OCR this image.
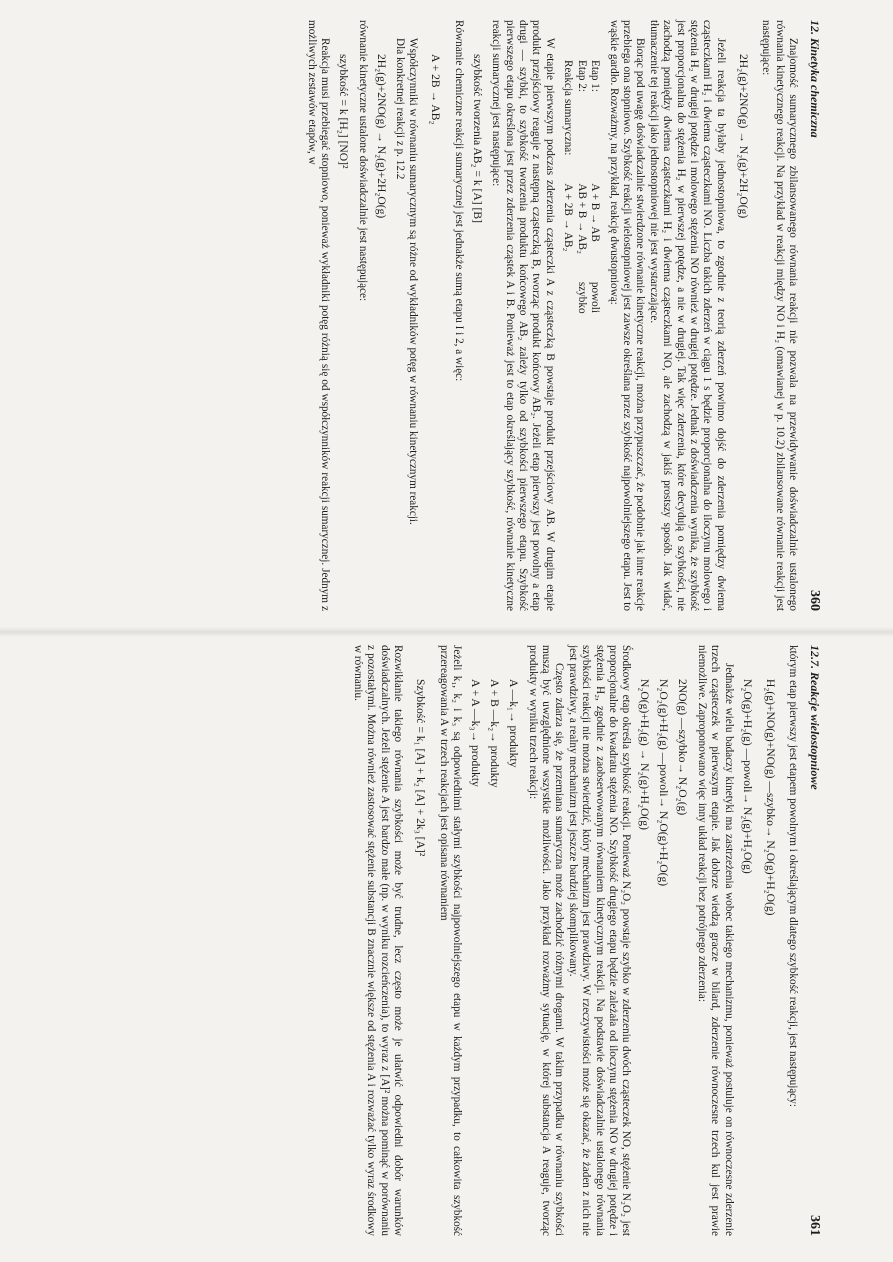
12. Kinetyka chemiczna
360

Znajomość sumarycznego zbilansowanego równania reakcji nie pozwala na przewidywanie doświadczalnie ustalonego równania kinetycznego reakcji. Na przykład w reakcji między NO i H₂ (omawianej w p. 10.2) zbilansowane równanie reakcji jest następujące:

2H₂(g)+2NO(g) → N₂(g)+2H₂O(g)

Jeżeli reakcja ta byłaby jednostopniowa, to zgodnie z teorią zderzeń powinno dojść do zderzenia pomiędzy dwiema cząsteczkami H₂ i dwiema cząsteczkami NO. Liczba takich zderzeń w ciągu 1 s będzie proporcjonalna do iloczynu molowego i stężenia H₂ w drugiej potędze i molowego stężenia NO również w drugiej potędze. Jednak z doświadczenia wynika, że szybkość jest proporcjonalna do stężenia H₂ w pierwszej potędze, a nie w drugiej. Tak więc zderzenia, które decydują o szybkości, nie zachodzą pomiędzy dwiema cząsteczkami H₂ i dwiema cząsteczkami NO, ale zachodzą w jakiś prostszy sposób. Jak widać, tłumaczenie tej reakcji jako jednostopniowej nie jest wystarczające.

Biorąc pod uwagę doświadczalnie stwierdzone równanie kinetyczne reakcji, można przypuszczać, że podobnie jak inne reakcje przebiega ona stopniowo. Szybkość reakcji wielostopniowej jest zawsze określana przez szybkość najpowolniejszego etapu. Jest to wąskie gardło. Rozważmy, na przykład, reakcję dwustopniową:

Etap 1:
A + B → AB
powoli
Etap 2:
AB + B → AB₂
szybko
Reakcja sumaryczna:
A + 2B → AB₂

W etapie pierwszym podczas zderzenia cząsteczki A z cząsteczką B powstaje produkt przejściowy AB. W drugim etapie produkt przejściowy reaguje z następną cząsteczką B, tworząc produkt końcowy AB₂. Jeżeli etap pierwszy jest powolny a etap drugi — szybki, to szybkość tworzenia produktu końcowego AB₂ zależy tylko od szybkości pierwszego etapu. Szybkość pierwszego etapu określona jest przez zderzenia cząstek A i B. Ponieważ jest to etap określający szybkość, równanie kinetyczne reakcji sumarycznej jest następujące:

szybkość tworzenia AB₂ = k [A] [B]

Równanie chemiczne reakcji sumarycznej jest jednakże sumą etapu I i 2, a więc:

A + 2B → AB₂

Współczynniki w równaniu sumarycznym są różne od wykładników potęg w równaniu kinetycznym reakcji.

Dla konkretnej reakcji z p. 12.2

2H₂(g)+2NO(g) → N₂(g)+2H₂O(g)

równanie kinetyczne ustalone doświadczalnie jest następujące:

szybkość = k [H₂] [NO]²

Reakcja musi przebiegać stopniowo, ponieważ wykładniki potęg różnią się od współczynników reakcji sumarycznej. Jednym z możliwych zestawów etapów, w

12.7. Reakcje wielostopniowe
361

którym etap pierwszy jest etapem powolnym i określającym dlatego szybkość reakcji, jest następujący:

H₂(g)+NO(g)+NO(g) —szybko→ N₂O(g)+H₂O(g)
N₂O(g)+H₂(g) —powoli→ N₂(g)+H₂O(g)

Jednakże wielu badaczy kinetyki ma zastrzeżenia wobec takiego mechanizmu, ponieważ postuluje on równoczesne zderzenie trzech cząsteczek w pierwszym etapie. Jak dobrze wiedzą gracze w bilard, zderzenie równoczesne trzech kul jest prawie niemożliwe. Zaproponowano więc inny układ reakcji bez potrójnego zderzenia:

2NO(g) —szybko→ N₂O₂(g)
N₂O₂(g)+H₂(g) —powoli→ N₂O(g)+H₂O(g)
N₂O(g)+H₂(g) → N₂(g)+H₂O(g)

Środkowy etap określa szybkość reakcji. Ponieważ N₂O₂ powstaje szybko w zderzeniu dwóch cząsteczek NO, stężenie N₂O₂ jest proporcjonalne do kwadratu stężenia NO. Szybkość drugiego etapu będzie zależała od iloczynu stężenia NO w drugiej potędze i stężenia H₂, zgodnie z zaobserwowanym równaniem kinetycznym reakcji. Na podstawie doświadczalnie ustalonego równania szybkości reakcji nie można stwierdzić, który mechanizm jest prawdziwy. W rzeczywistości może się okazać, że żaden z nich nie jest prawdziwy, a realny mechanizm jest jeszcze bardziej skomplikowany.

Często zdarza się, że przemiana sumaryczna może zachodzić różnymi drogami. W takim przypadku w równaniu szybkości muszą być uwzględnione wszystkie możliwości. Jako przykład rozważmy sytuację, w której substancja A reaguje, tworząc produkty w wyniku trzech reakcji:

A —k₁→ produkty
A + B —k₂→ produkty
A + A —k₃→ produkty

Jeżeli k₁, k₂ i k₃ są odpowiednimi stałymi szybkości najpowolniejszego etapu w każdym przypadku, to całkowita szybkość przereagowania A w trzech reakcjach jest opisana równaniem

Szybkość = k₁ [A] + k₂ [A] + 2k₃ [A]²

Rozwikłanie takiego równania szybkości może być trudne, lecz często może je ułatwić odpowiedni dobór warunków doświadczalnych. Jeżeli stężenie A jest bardzo małe (np. w wyniku rozcieńczenia), to wyraz z [A]² można pominąć w porównaniu z pozostałymi. Można również zastosować stężenie substancji B znacznie większe od stężenia A i rozważać tylko wyraz środkowy w równaniu.
